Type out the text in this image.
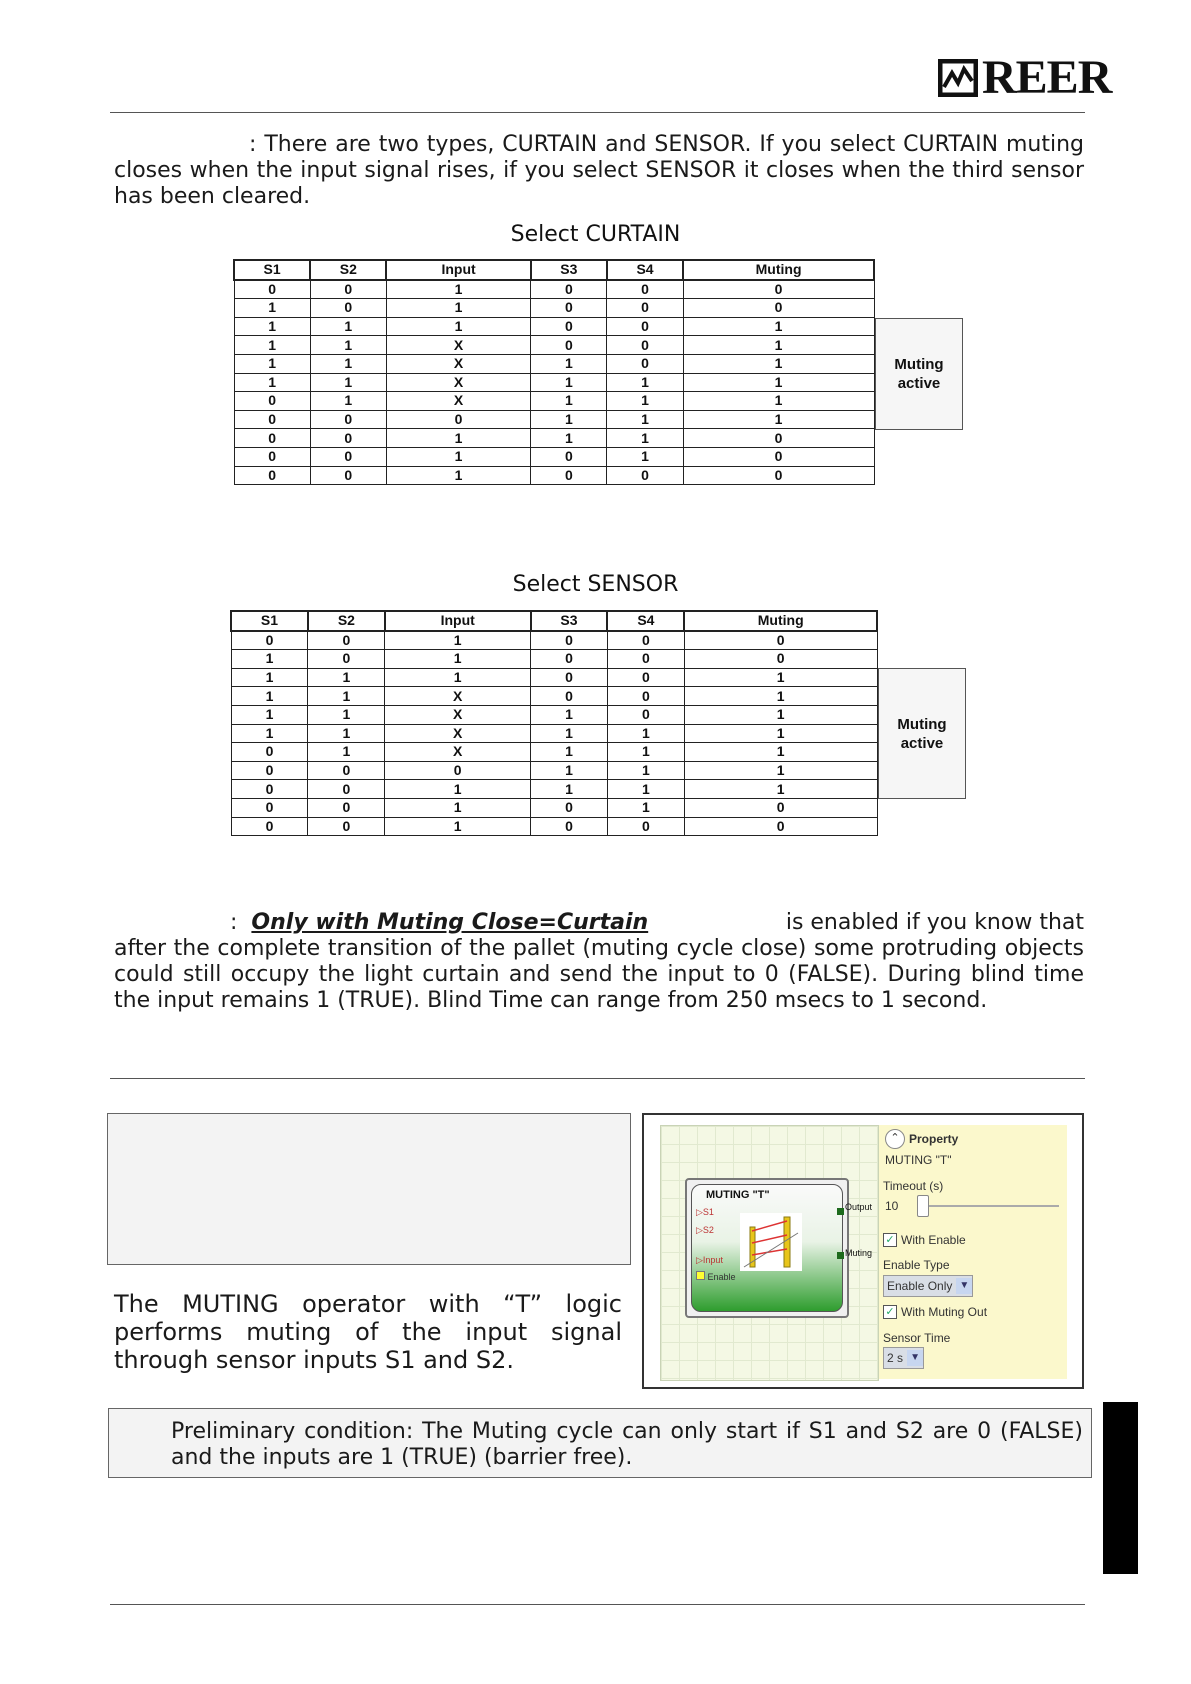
REER
: There are two types, CURTAIN and SENSOR. If you select CURTAIN muting closes when the input signal rises, if you select SENSOR it closes when the third sensor has been cleared.
Select CURTAIN
S1	S2	Input	S3	S4	Muting
0	0	1	0	0	0
1	0	1	0	0	0
1	1	1	0	0	1
1	1	X	0	0	1
1	1	X	1	0	1
1	1	X	1	1	1
0	1	X	1	1	1
0	0	0	1	1	1
0	0	1	1	1	0
0	0	1	0	1	0
0	0	1	0	0	0
Muting
active
Select SENSOR
S1	S2	Input	S3	S4	Muting
0	0	1	0	0	0
1	0	1	0	0	0
1	1	1	0	0	1
1	1	X	0	0	1
1	1	X	1	0	1
1	1	X	1	1	1
0	1	X	1	1	1
0	0	0	1	1	1
0	0	1	1	1	1
0	0	1	0	1	0
0	0	1	0	0	0
Muting
active
: Only with Muting Close=Curtain	is enabled if you know that
after the complete transition of the pallet (muting cycle close) some protruding objects could still occupy the light curtain and send the input to 0 (FALSE). During blind time the input remains 1 (TRUE). Blind Time can range from 250 msecs to 1 second.
The MUTING operator with “T” logic performs muting of the input signal through sensor inputs S1 and S2.
MUTING "T"
▷S1
▷S2
▷Input
Enable
Output
Muting
⌃ Property
MUTING "T"
Timeout (s)
10
✓ With Enable
Enable Type
Enable Only ▼
✓ With Muting Out
Sensor Time
2 s ▼
Preliminary condition: The Muting cycle can only start if S1 and S2 are 0 (FALSE) and the inputs are 1 (TRUE) (barrier free).
